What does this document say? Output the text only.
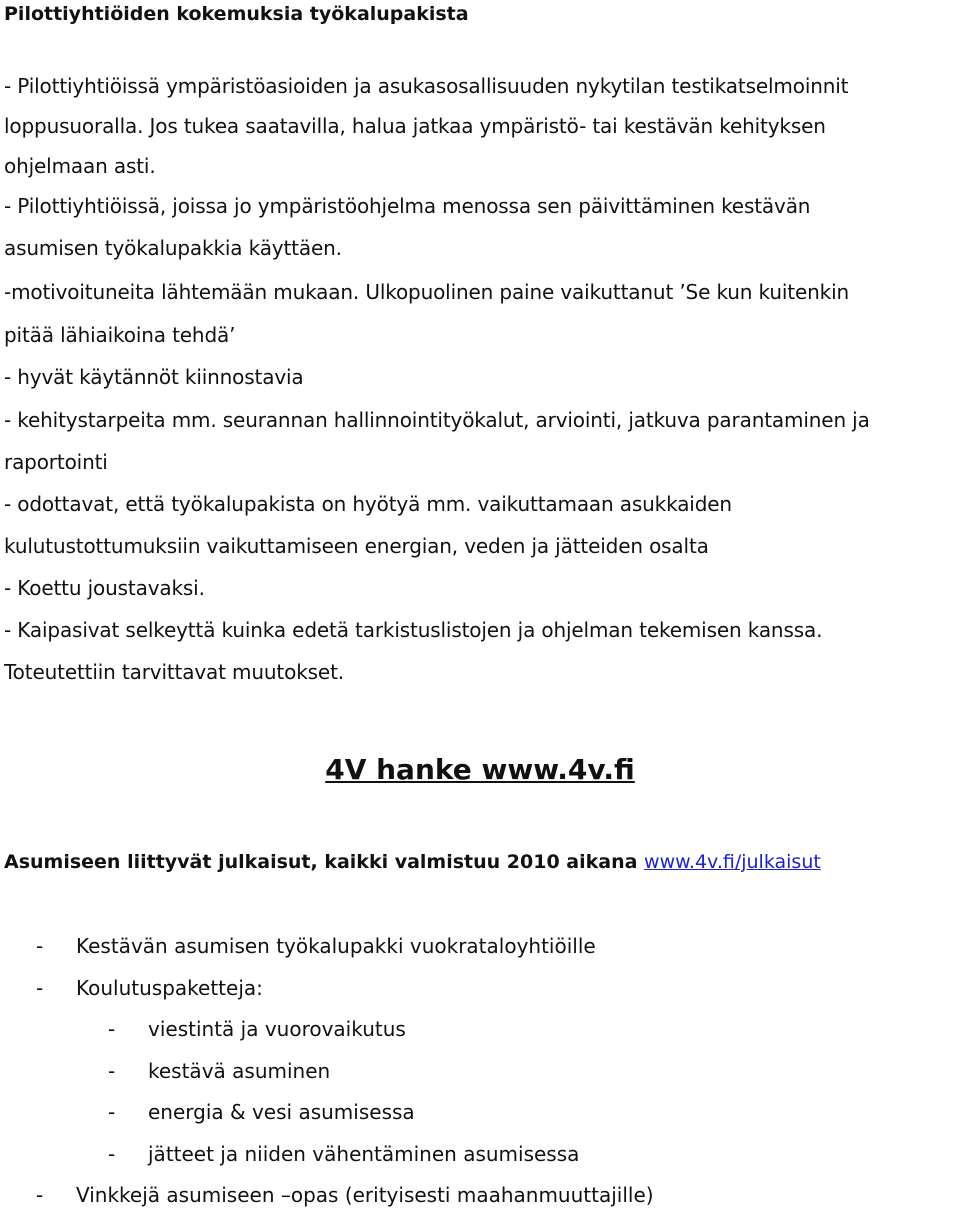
Pilottiyhtiöiden kokemuksia työkalupakista
- Pilottiyhtiöissä ympäristöasioiden ja asukasosallisuuden nykytilan testikatselmoinnit
loppusuoralla. Jos tukea saatavilla, halua jatkaa ympäristö- tai kestävän kehityksen
ohjelmaan asti.
- Pilottiyhtiöissä, joissa jo ympäristöohjelma menossa sen päivittäminen kestävän
asumisen työkalupakkia käyttäen.
-motivoituneita lähtemään mukaan. Ulkopuolinen paine vaikuttanut ’Se kun kuitenkin
pitää lähiaikoina tehdä’
- hyvät käytännöt kiinnostavia
- kehitystarpeita mm. seurannan hallinnointityökalut, arviointi, jatkuva parantaminen ja
raportointi
- odottavat, että työkalupakista on hyötyä mm. vaikuttamaan asukkaiden
kulutustottumuksiin vaikuttamiseen energian, veden ja jätteiden osalta
- Koettu joustavaksi.
- Kaipasivat selkeyttä kuinka edetä tarkistuslistojen ja ohjelman tekemisen kanssa.
Toteutettiin tarvittavat muutokset.
4V hanke www.4v.fi
Asumiseen liittyvät julkaisut, kaikki valmistuu 2010 aikana www.4v.fi/julkaisut
- Kestävän asumisen työkalupakki vuokrataloyhtiöille
- Koulutuspaketteja:
- viestintä ja vuorovaikutus
- kestävä asuminen
- energia & vesi asumisessa
- jätteet ja niiden vähentäminen asumisessa
- Vinkkejä asumiseen –opas (erityisesti maahanmuuttajille)
